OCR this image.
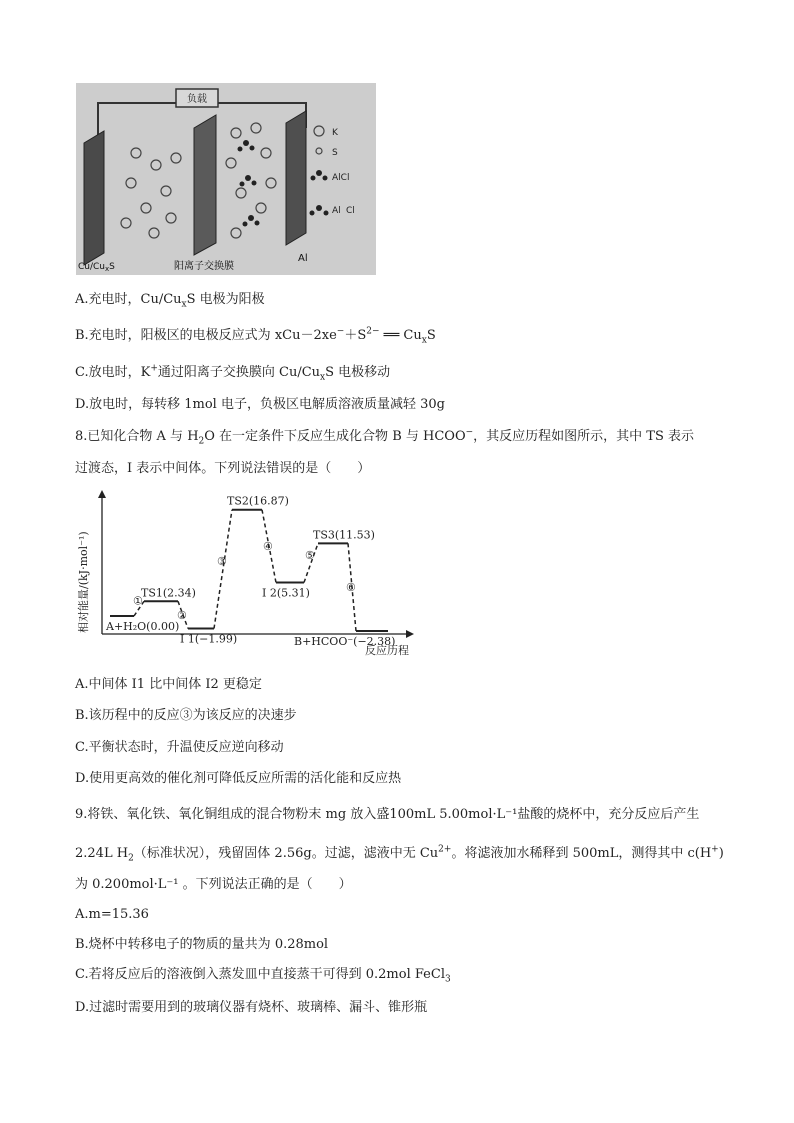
负载
K
S
AlCl
Al Cl
$Cu/Cu_xS$	阳离子交换膜
Al
A.充电时，$Cu/Cu_xS$ 电极为阳极
B.充电时，阳极区的电极反应式为 $xCu-2xe^-+S^{2-}$ ══ $Cu_xS$
C.放电时，K+通过阳离子交换膜向 $Cu/Cu_xS$ 电极移动
D.放电时，每转移 1mol 电子，负极区电解质溶液质量减轻 30g
8.已知化合物 A 与 $H_2O$ 在一定条件下反应生成化合物 B 与 HCOO−，其反应历程如图所示，其中 TS 表示
过渡态，I 表示中间体。下列说法错误的是（　　）
相对能量/(kJ·mol⁻¹)
反应历程
A+H₂O(0.00)
TS1(2.34)
I 1(−1.99)
TS2(16.87)
I 2(5.31)
TS3(11.53)
B+HCOO⁻(−2.38)
①
②
③
④
⑤
⑥
A.中间体 I1 比中间体 I2 更稳定
B.该历程中的反应③为该反应的决速步
C.平衡状态时，升温使反应逆向移动
D.使用更高效的催化剂可降低反应所需的活化能和反应热
9.将铁、氧化铁、氧化铜组成的混合物粉末 mg 放入盛100mL 5.00mol·L⁻¹盐酸的烧杯中，充分反应后产生
2.24L $H_2$（标准状况），残留固体 2.56g。过滤，滤液中无 $Cu^{2+}$。将滤液加水稀释到 500mL，测得其中 c(H+)
为 0.200mol·L⁻¹ 。下列说法正确的是（　　）
A.m=15.36
B.烧杯中转移电子的物质的量共为 0.28mol
C.若将反应后的溶液倒入蒸发皿中直接蒸干可得到 0.2mol FeCl$_3$
D.过滤时需要用到的玻璃仪器有烧杯、玻璃棒、漏斗、锥形瓶
